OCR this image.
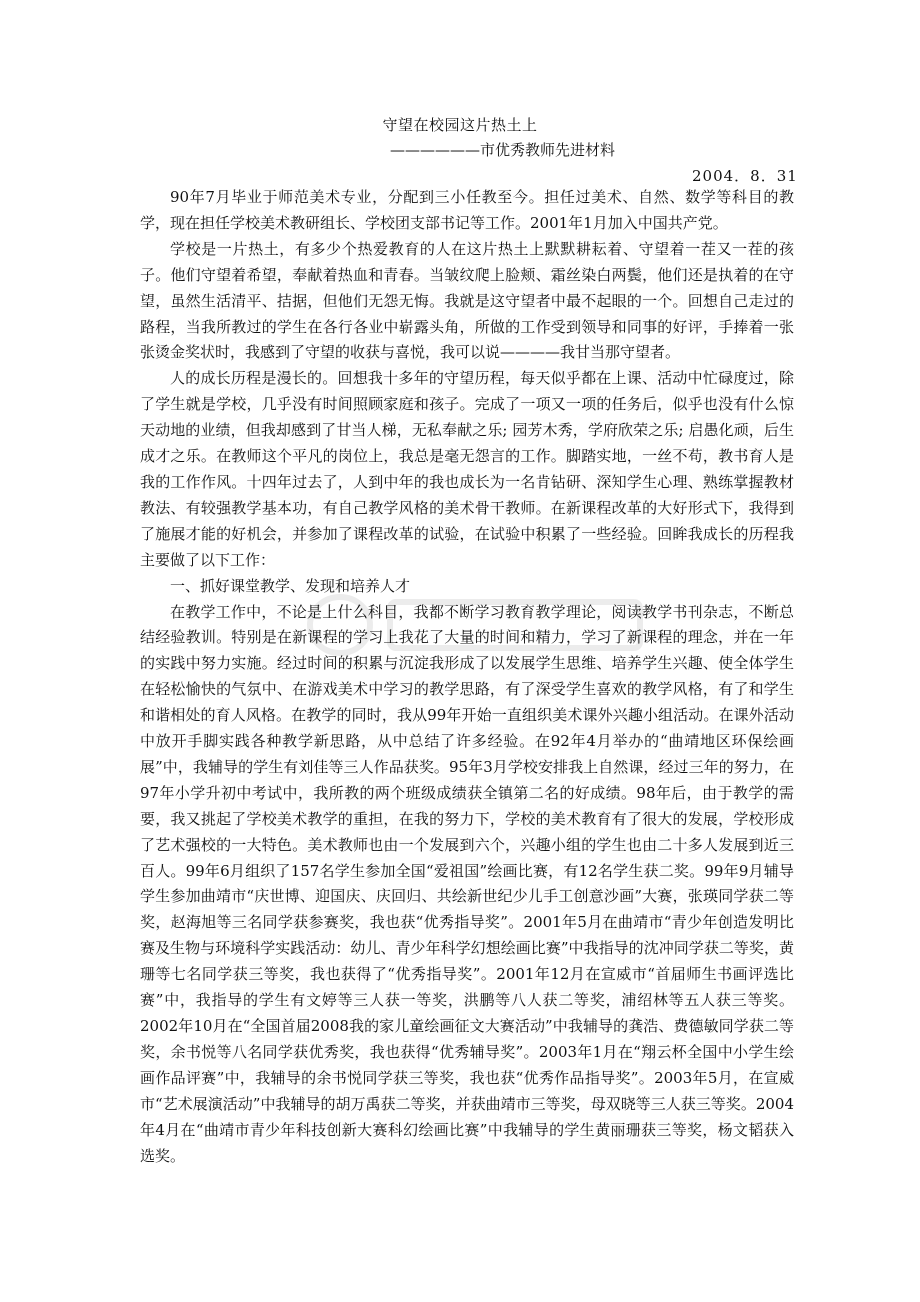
守望在校园这片热土上
——————市优秀教师先进材料
2004．8．31

90年7月毕业于师范美术专业，分配到三小任教至今。担任过美术、自然、数学等科目的教学，现在担任学校美术教研组长、学校团支部书记等工作。2001年1月加入中国共产党。

学校是一片热土，有多少个热爱教育的人在这片热土上默默耕耘着、守望着一茬又一茬的孩子。他们守望着希望，奉献着热血和青春。当皱纹爬上脸颊、霜丝染白两鬓，他们还是执着的在守望，虽然生活清平、拮据，但他们无怨无悔。我就是这守望者中最不起眼的一个。回想自己走过的路程，当我所教过的学生在各行各业中崭露头角，所做的工作受到领导和同事的好评，手捧着一张张烫金奖状时，我感到了守望的收获与喜悦，我可以说————我甘当那守望者。

人的成长历程是漫长的。回想我十多年的守望历程，每天似乎都在上课、活动中忙碌度过，除了学生就是学校，几乎没有时间照顾家庭和孩子。完成了一项又一项的任务后，似乎也没有什么惊天动地的业绩，但我却感到了甘当人梯，无私奉献之乐; 园芳木秀，学府欣荣之乐; 启愚化顽，后生成才之乐。在教师这个平凡的岗位上，我总是毫无怨言的工作。脚踏实地，一丝不苟，教书育人是我的工作作风。十四年过去了，人到中年的我也成长为一名肯钻研、深知学生心理、熟练掌握教材教法、有较强教学基本功，有自己教学风格的美术骨干教师。在新课程改革的大好形式下，我得到了施展才能的好机会，并参加了课程改革的试验，在试验中积累了一些经验。回眸我成长的历程我主要做了以下工作：

一、抓好课堂教学、发现和培养人才

在教学工作中，不论是上什么科目，我都不断学习教育教学理论，阅读教学书刊杂志，不断总结经验教训。特别是在新课程的学习上我花了大量的时间和精力，学习了新课程的理念，并在一年的实践中努力实施。经过时间的积累与沉淀我形成了以发展学生思维、培养学生兴趣、使全体学生在轻松愉快的气氛中、在游戏美术中学习的教学思路，有了深受学生喜欢的教学风格，有了和学生和谐相处的育人风格。在教学的同时，我从99年开始一直组织美术课外兴趣小组活动。在课外活动中放开手脚实践各种教学新思路，从中总结了许多经验。在92年4月举办的“曲靖地区环保绘画展”中，我辅导的学生有刘佳等三人作品获奖。95年3月学校安排我上自然课，经过三年的努力，在97年小学升初中考试中，我所教的两个班级成绩获全镇第二名的好成绩。98年后，由于教学的需要，我又挑起了学校美术教学的重担，在我的努力下，学校的美术教育有了很大的发展，学校形成了艺术强校的一大特色。美术教师也由一个发展到六个，兴趣小组的学生也由二十多人发展到近三百人。99年6月组织了157名学生参加全国“爱祖国”绘画比赛，有12名学生获二奖。99年9月辅导学生参加曲靖市“庆世博、迎国庆、庆回归、共绘新世纪少儿手工创意沙画”大赛，张瑛同学获二等奖，赵海旭等三名同学获参赛奖，我也获“优秀指导奖”。2001年5月在曲靖市“青少年创造发明比赛及生物与环境科学实践活动：幼儿、青少年科学幻想绘画比赛”中我指导的沈冲同学获二等奖，黄珊等七名同学获三等奖，我也获得了“优秀指导奖”。2001年12月在宣威市“首届师生书画评选比赛”中，我指导的学生有文婷等三人获一等奖，洪鹏等八人获二等奖，浦绍林等五人获三等奖。2002年10月在“全国首届2008我的家儿童绘画征文大赛活动”中我辅导的龚浩、费德敏同学获二等奖，余书悦等八名同学获优秀奖，我也获得“优秀辅导奖”。2003年1月在“翔云杯全国中小学生绘画作品评赛”中，我辅导的余书悦同学获三等奖，我也获“优秀作品指导奖”。2003年5月，在宣威市“艺术展演活动”中我辅导的胡万禹获二等奖，并获曲靖市三等奖，母双晓等三人获三等奖。2004年4月在“曲靖市青少年科技创新大赛科幻绘画比赛”中我辅导的学生黄丽珊获三等奖，杨文韬获入选奖。
